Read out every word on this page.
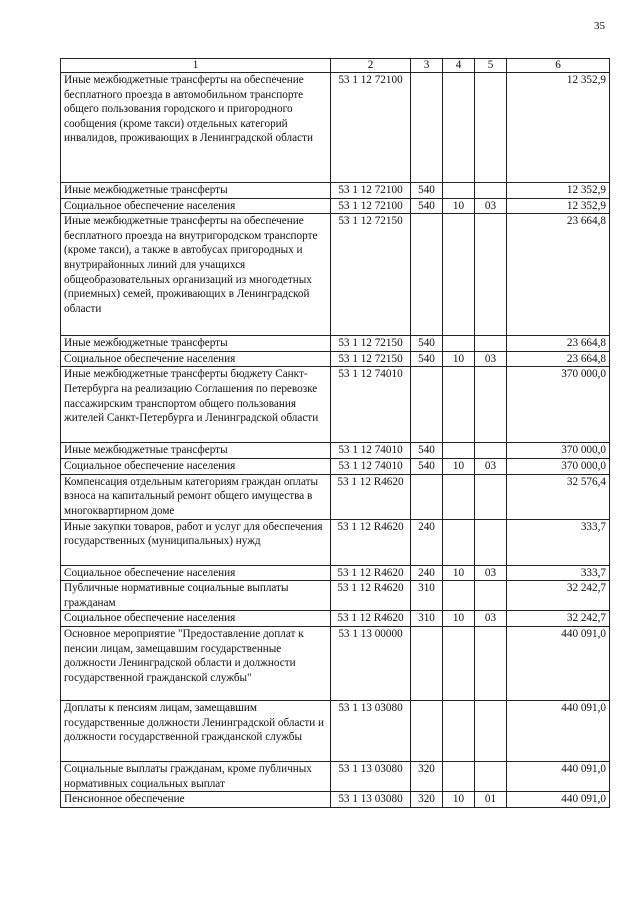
35
1	2	3	4	5	6
Иные межбюджетные трансферты на обеспечение бесплатного проезда в автомобильном транспорте общего пользования городского и пригородного сообщения (кроме такси) отдельных категорий инвалидов, проживающих в Ленинградской области	53 1 12 72100				12 352,9
Иные межбюджетные трансферты	53 1 12 72100	540			12 352,9
Социальное обеспечение населения	53 1 12 72100	540	10	03	12 352,9
Иные межбюджетные трансферты на обеспечение бесплатного проезда на внутригородском транспорте (кроме такси), а также в автобусах пригородных и внутрирайонных линий для учащихся общеобразовательных организаций из многодетных (приемных) семей, проживающих в Ленинградской области	53 1 12 72150				23 664,8
Иные межбюджетные трансферты	53 1 12 72150	540			23 664,8
Социальное обеспечение населения	53 1 12 72150	540	10	03	23 664,8
Иные межбюджетные трансферты бюджету Санкт-Петербурга на реализацию Соглашения по перевозке пассажирским транспортом общего пользования жителей Санкт-Петербурга и Ленинградской области	53 1 12 74010				370 000,0
Иные межбюджетные трансферты	53 1 12 74010	540			370 000,0
Социальное обеспечение населения	53 1 12 74010	540	10	03	370 000,0
Компенсация отдельным категориям граждан оплаты взноса на капитальный ремонт общего имущества в многоквартирном доме	53 1 12 R4620				32 576,4
Иные закупки товаров, работ и услуг для обеспечения государственных (муниципальных) нужд	53 1 12 R4620	240			333,7
Социальное обеспечение населения	53 1 12 R4620	240	10	03	333,7
Публичные нормативные социальные выплаты гражданам	53 1 12 R4620	310			32 242,7
Социальное обеспечение населения	53 1 12 R4620	310	10	03	32 242,7
Основное мероприятие "Предоставление доплат к пенсии лицам, замещавшим государственные должности Ленинградской области и должности государственной гражданской службы"	53 1 13 00000				440 091,0
Доплаты к пенсиям лицам, замещавшим государственные должности Ленинградской области и должности государственной гражданской службы	53 1 13 03080				440 091,0
Социальные выплаты гражданам, кроме публичных нормативных социальных выплат	53 1 13 03080	320			440 091,0
Пенсионное обеспечение	53 1 13 03080	320	10	01	440 091,0
